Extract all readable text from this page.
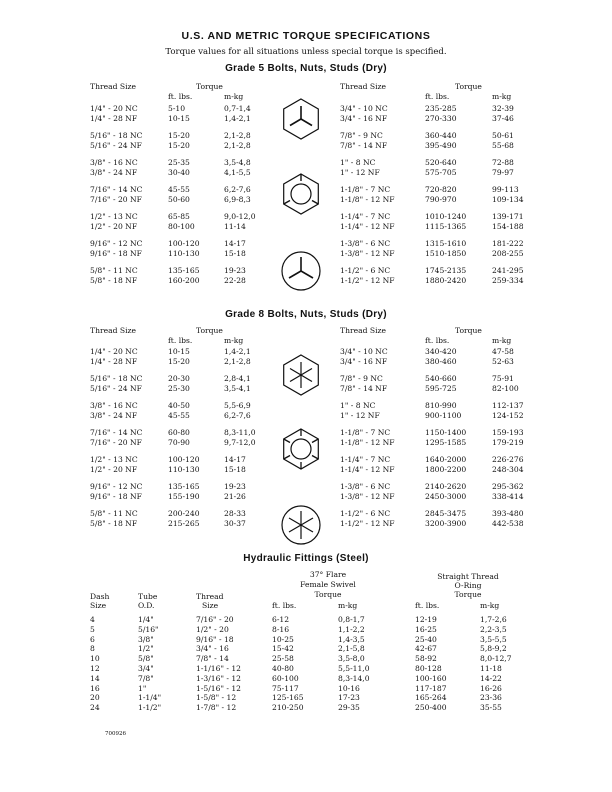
U.S. AND METRIC TORQUE SPECIFICATIONS
Torque values for all situations unless special torque is specified.
Grade 5 Bolts, Nuts, Studs (Dry)
Thread Size	Torque
ft. lbs.	m-kg
Thread Size	Torque
ft. lbs.	m-kg
1/4" - 20 NC	5-10	0,7-1,4
1/4" - 28 NF	10-15	1,4-2,1
5/16" - 18 NC	15-20	2,1-2,8
5/16" - 24 NF	15-20	2,1-2,8
3/8" - 16 NC	25-35	3,5-4,8
3/8" - 24 NF	30-40	4,1-5,5
7/16" - 14 NC	45-55	6,2-7,6
7/16" - 20 NF	50-60	6,9-8,3
1/2" - 13 NC	65-85	9,0-12,0
1/2" - 20 NF	80-100	11-14
9/16" - 12 NC	100-120	14-17
9/16" - 18 NF	110-130	15-18
5/8" - 11 NC	135-165	19-23
5/8" - 18 NF	160-200	22-28
3/4" - 10 NC	235-285	32-39
3/4" - 16 NF	270-330	37-46
7/8" - 9 NC	360-440	50-61
7/8" - 14 NF	395-490	55-68
1" - 8 NC	520-640	72-88
1" - 12 NF	575-705	79-97
1-1/8" - 7 NC	720-820	99-113
1-1/8" - 12 NF	790-970	109-134
1-1/4" - 7 NC	1010-1240	139-171
1-1/4" - 12 NF	1115-1365	154-188
1-3/8" - 6 NC	1315-1610	181-222
1-3/8" - 12 NF	1510-1850	208-255
1-1/2" - 6 NC	1745-2135	241-295
1-1/2" - 12 NF	1880-2420	259-334
Grade 8 Bolts, Nuts, Studs (Dry)
Thread Size	Torque
ft. lbs.	m-kg
Thread Size	Torque
ft. lbs.	m-kg
1/4" - 20 NC	10-15	1,4-2,1
1/4" - 28 NF	15-20	2,1-2,8
5/16" - 18 NC	20-30	2,8-4,1
5/16" - 24 NF	25-30	3,5-4,1
3/8" - 16 NC	40-50	5,5-6,9
3/8" - 24 NF	45-55	6,2-7,6
7/16" - 14 NC	60-80	8,3-11,0
7/16" - 20 NF	70-90	9,7-12,0
1/2" - 13 NC	100-120	14-17
1/2" - 20 NF	110-130	15-18
9/16" - 12 NC	135-165	19-23
9/16" - 18 NF	155-190	21-26
5/8" - 11 NC	200-240	28-33
5/8" - 18 NF	215-265	30-37
3/4" - 10 NC	340-420	47-58
3/4" - 16 NF	380-460	52-63
7/8" - 9 NC	540-660	75-91
7/8" - 14 NF	595-725	82-100
1" - 8 NC	810-990	112-137
1" - 12 NF	900-1100	124-152
1-1/8" - 7 NC	1150-1400	159-193
1-1/8" - 12 NF	1295-1585	179-219
1-1/4" - 7 NC	1640-2000	226-276
1-1/4" - 12 NF	1800-2200	248-304
1-3/8" - 6 NC	2140-2620	295-362
1-3/8" - 12 NF	2450-3000	338-414
1-1/2" - 6 NC	2845-3475	393-480
1-1/2" - 12 NF	3200-3900	442-538
Hydraulic Fittings (Steel)
37° Flare
Female Swivel
Torque
Straight Thread
O-Ring
Torque
Dash
Size
Tube
O.D.
Thread
Size	ft. lbs.	m-kg	ft. lbs.	m-kg
4	1/4"	7/16" - 20	6-12	0,8-1,7	12-19	1,7-2,6
5	5/16"	1/2" - 20	8-16	1,1-2,2	16-25	2,2-3,5
6	3/8"	9/16" - 18	10-25	1,4-3,5	25-40	3,5-5,5
8	1/2"	3/4" - 16	15-42	2,1-5,8	42-67	5,8-9,2
10	5/8"	7/8" - 14	25-58	3,5-8,0	58-92	8,0-12,7
12	3/4"	1-1/16" - 12	40-80	5,5-11,0	80-128	11-18
14	7/8"	1-3/16" - 12	60-100	8,3-14,0	100-160	14-22
16	1"	1-5/16" - 12	75-117	10-16	117-187	16-26
20	1-1/4"	1-5/8" - 12	125-165	17-23	165-264	23-36
24	1-1/2"	1-7/8" - 12	210-250	29-35	250-400	35-55
700926
